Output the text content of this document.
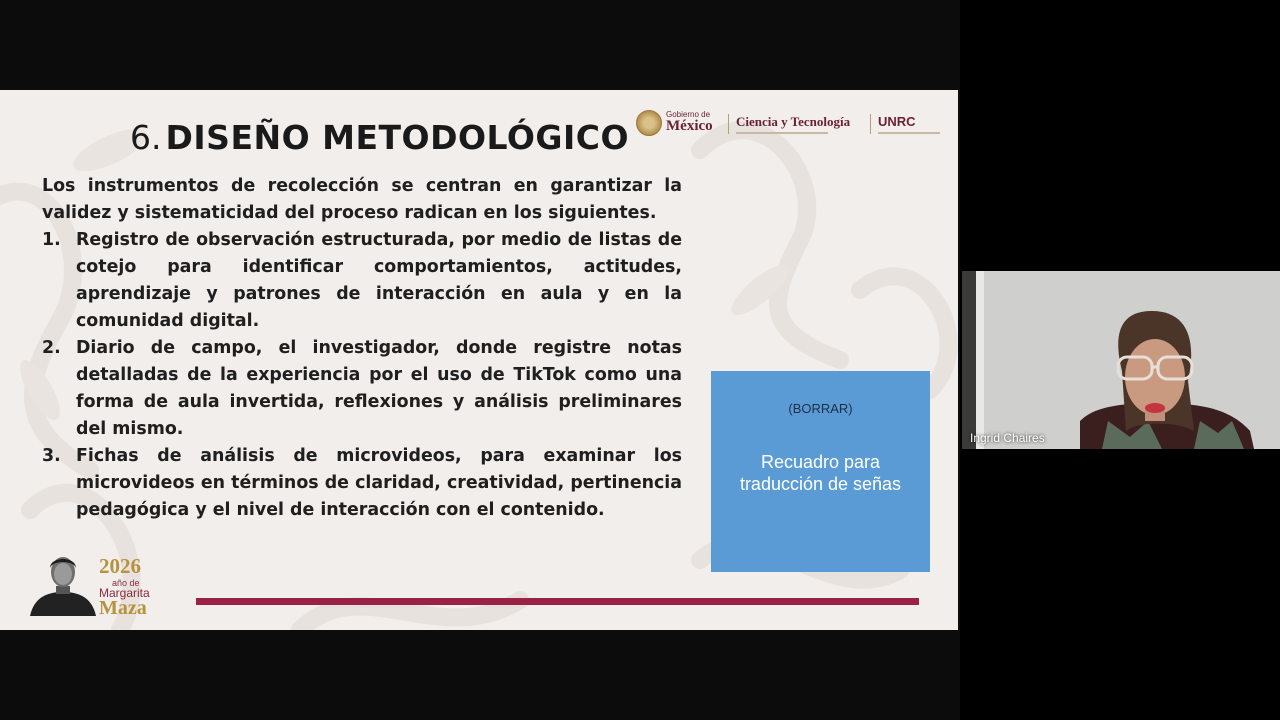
6. DISEÑO METODOLÓGICO
Gobierno de
México Ciencia y Tecnología UNRC

Los instrumentos de recolección se centran en garantizar la validez y sistematicidad del proceso radican en los siguientes.

1. Registro de observación estructurada, por medio de listas de cotejo para identificar comportamientos, actitudes, aprendizaje y patrones de interacción en aula y en la comunidad digital.
2. Diario de campo, el investigador, donde registre notas detalladas de la experiencia por el uso de TikTok como una forma de aula invertida, reflexiones y análisis preliminares del mismo.
3. Fichas de análisis de microvideos, para examinar los microvideos en términos de claridad, creatividad, pertinencia pedagógica y el nivel de interacción con el contenido.
(BORRAR)
Recuadro para traducción de señas
2026
año de
Margarita
Maza
Ingrid Chaires
